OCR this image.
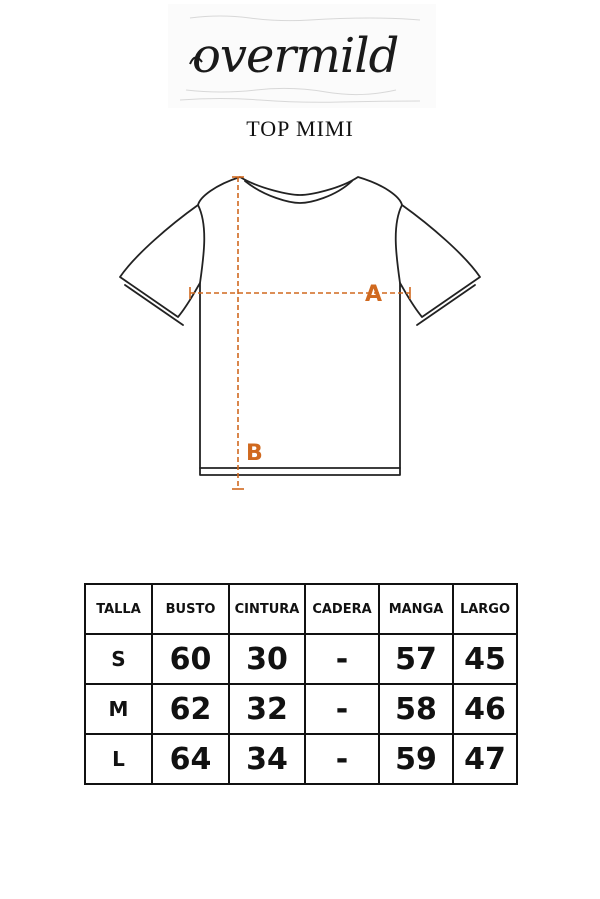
overmild
TOP MIMI
A
B
TALLA	BUSTO	CINTURA	CADERA	MANGA	LARGO
S	60	30	-	57	45
M	62	32	-	58	46
L	64	34	-	59	47
